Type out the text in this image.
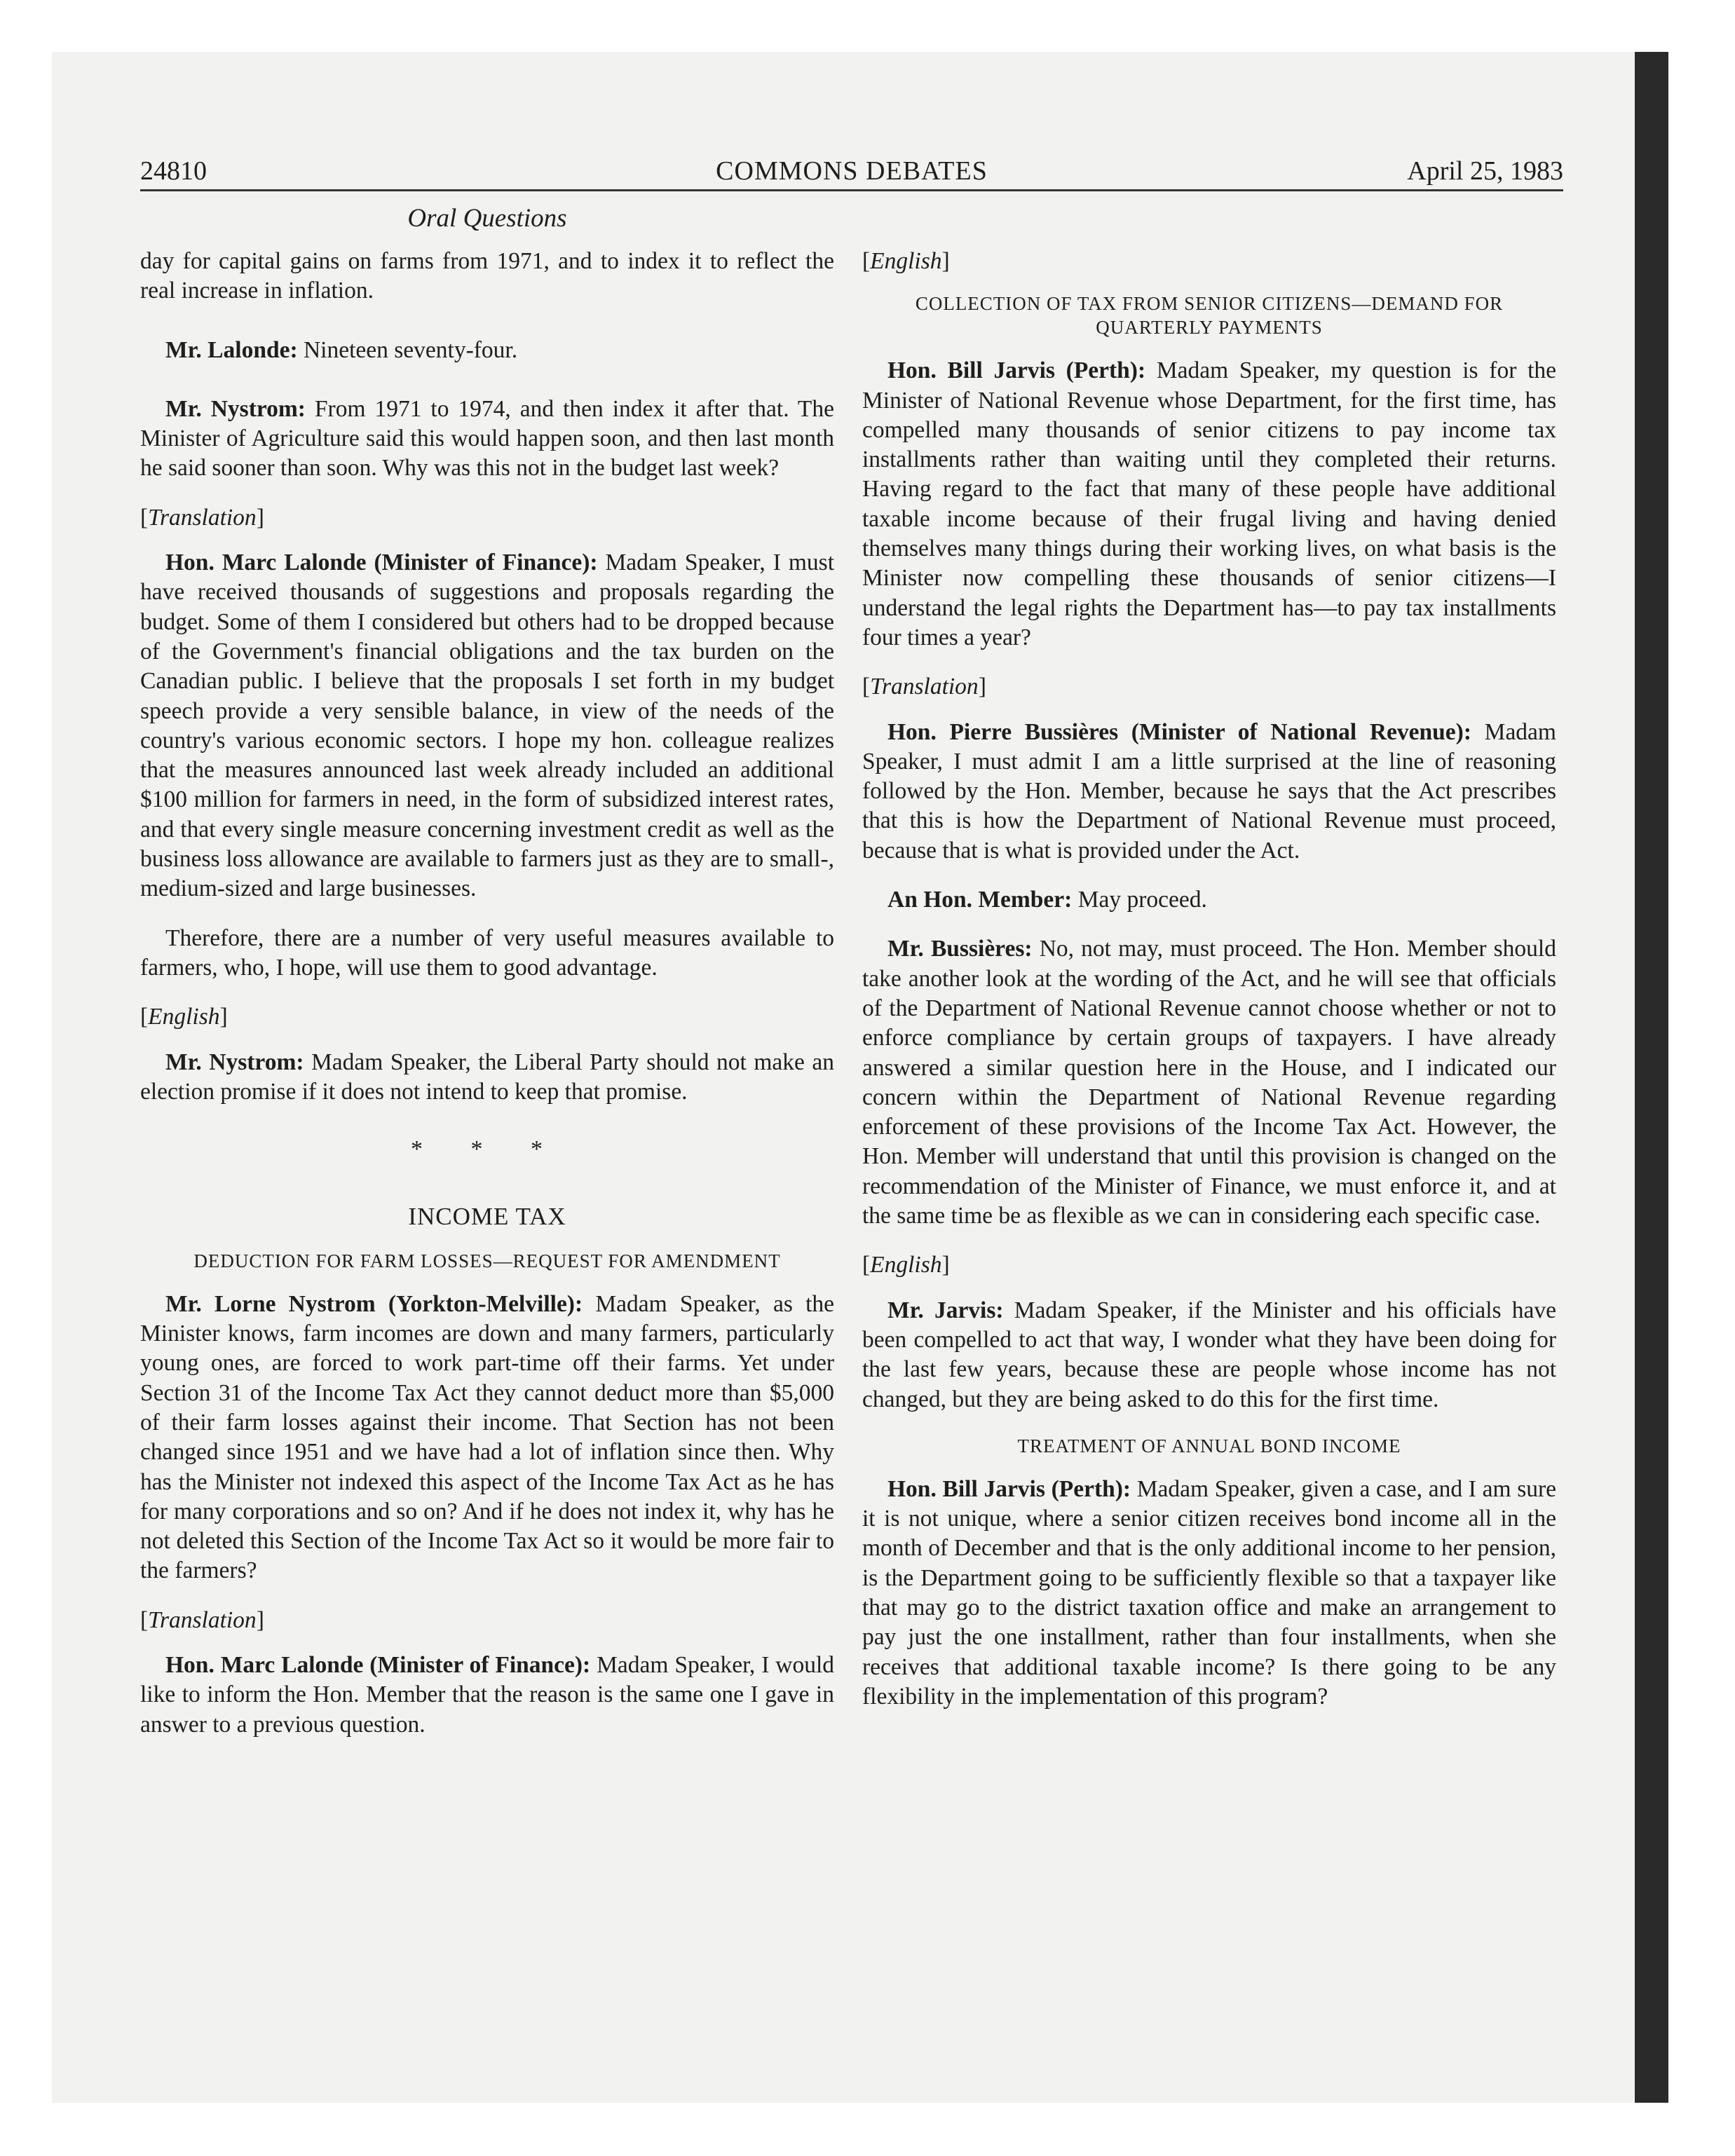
24810	COMMONS DEBATES	April 25, 1983
Oral Questions

day for capital gains on farms from 1971, and to index it to reflect the real increase in inflation.

Mr. Lalonde: Nineteen seventy-four.

Mr. Nystrom: From 1971 to 1974, and then index it after that. The Minister of Agriculture said this would happen soon, and then last month he said sooner than soon. Why was this not in the budget last week?

[Translation]

Hon. Marc Lalonde (Minister of Finance): Madam Speaker, I must have received thousands of suggestions and proposals regarding the budget. Some of them I considered but others had to be dropped because of the Government's financial obligations and the tax burden on the Canadian public. I believe that the proposals I set forth in my budget speech provide a very sensible balance, in view of the needs of the country's various economic sectors. I hope my hon. colleague realizes that the measures announced last week already included an additional $100 million for farmers in need, in the form of subsidized interest rates, and that every single measure concerning investment credit as well as the business loss allowance are available to farmers just as they are to small-, medium-sized and large businesses.

Therefore, there are a number of very useful measures available to farmers, who, I hope, will use them to good advantage.

[English]

Mr. Nystrom: Madam Speaker, the Liberal Party should not make an election promise if it does not intend to keep that promise.

* * *
INCOME TAX
DEDUCTION FOR FARM LOSSES—REQUEST FOR AMENDMENT

Mr. Lorne Nystrom (Yorkton-Melville): Madam Speaker, as the Minister knows, farm incomes are down and many farmers, particularly young ones, are forced to work part-time off their farms. Yet under Section 31 of the Income Tax Act they cannot deduct more than $5,000 of their farm losses against their income. That Section has not been changed since 1951 and we have had a lot of inflation since then. Why has the Minister not indexed this aspect of the Income Tax Act as he has for many corporations and so on? And if he does not index it, why has he not deleted this Section of the Income Tax Act so it would be more fair to the farmers?

[Translation]

Hon. Marc Lalonde (Minister of Finance): Madam Speaker, I would like to inform the Hon. Member that the reason is the same one I gave in answer to a previous question.

[English]
COLLECTION OF TAX FROM SENIOR CITIZENS—DEMAND FOR QUARTERLY PAYMENTS

Hon. Bill Jarvis (Perth): Madam Speaker, my question is for the Minister of National Revenue whose Department, for the first time, has compelled many thousands of senior citizens to pay income tax installments rather than waiting until they completed their returns. Having regard to the fact that many of these people have additional taxable income because of their frugal living and having denied themselves many things during their working lives, on what basis is the Minister now compelling these thousands of senior citizens—I understand the legal rights the Department has—to pay tax installments four times a year?

[Translation]

Hon. Pierre Bussières (Minister of National Revenue): Madam Speaker, I must admit I am a little surprised at the line of reasoning followed by the Hon. Member, because he says that the Act prescribes that this is how the Department of National Revenue must proceed, because that is what is provided under the Act.

An Hon. Member: May proceed.

Mr. Bussières: No, not may, must proceed. The Hon. Member should take another look at the wording of the Act, and he will see that officials of the Department of National Revenue cannot choose whether or not to enforce compliance by certain groups of taxpayers. I have already answered a similar question here in the House, and I indicated our concern within the Department of National Revenue regarding enforcement of these provisions of the Income Tax Act. However, the Hon. Member will understand that until this provision is changed on the recommendation of the Minister of Finance, we must enforce it, and at the same time be as flexible as we can in considering each specific case.

[English]

Mr. Jarvis: Madam Speaker, if the Minister and his officials have been compelled to act that way, I wonder what they have been doing for the last few years, because these are people whose income has not changed, but they are being asked to do this for the first time.

TREATMENT OF ANNUAL BOND INCOME

Hon. Bill Jarvis (Perth): Madam Speaker, given a case, and I am sure it is not unique, where a senior citizen receives bond income all in the month of December and that is the only additional income to her pension, is the Department going to be sufficiently flexible so that a taxpayer like that may go to the district taxation office and make an arrangement to pay just the one installment, rather than four installments, when she receives that additional taxable income? Is there going to be any flexibility in the implementation of this program?
